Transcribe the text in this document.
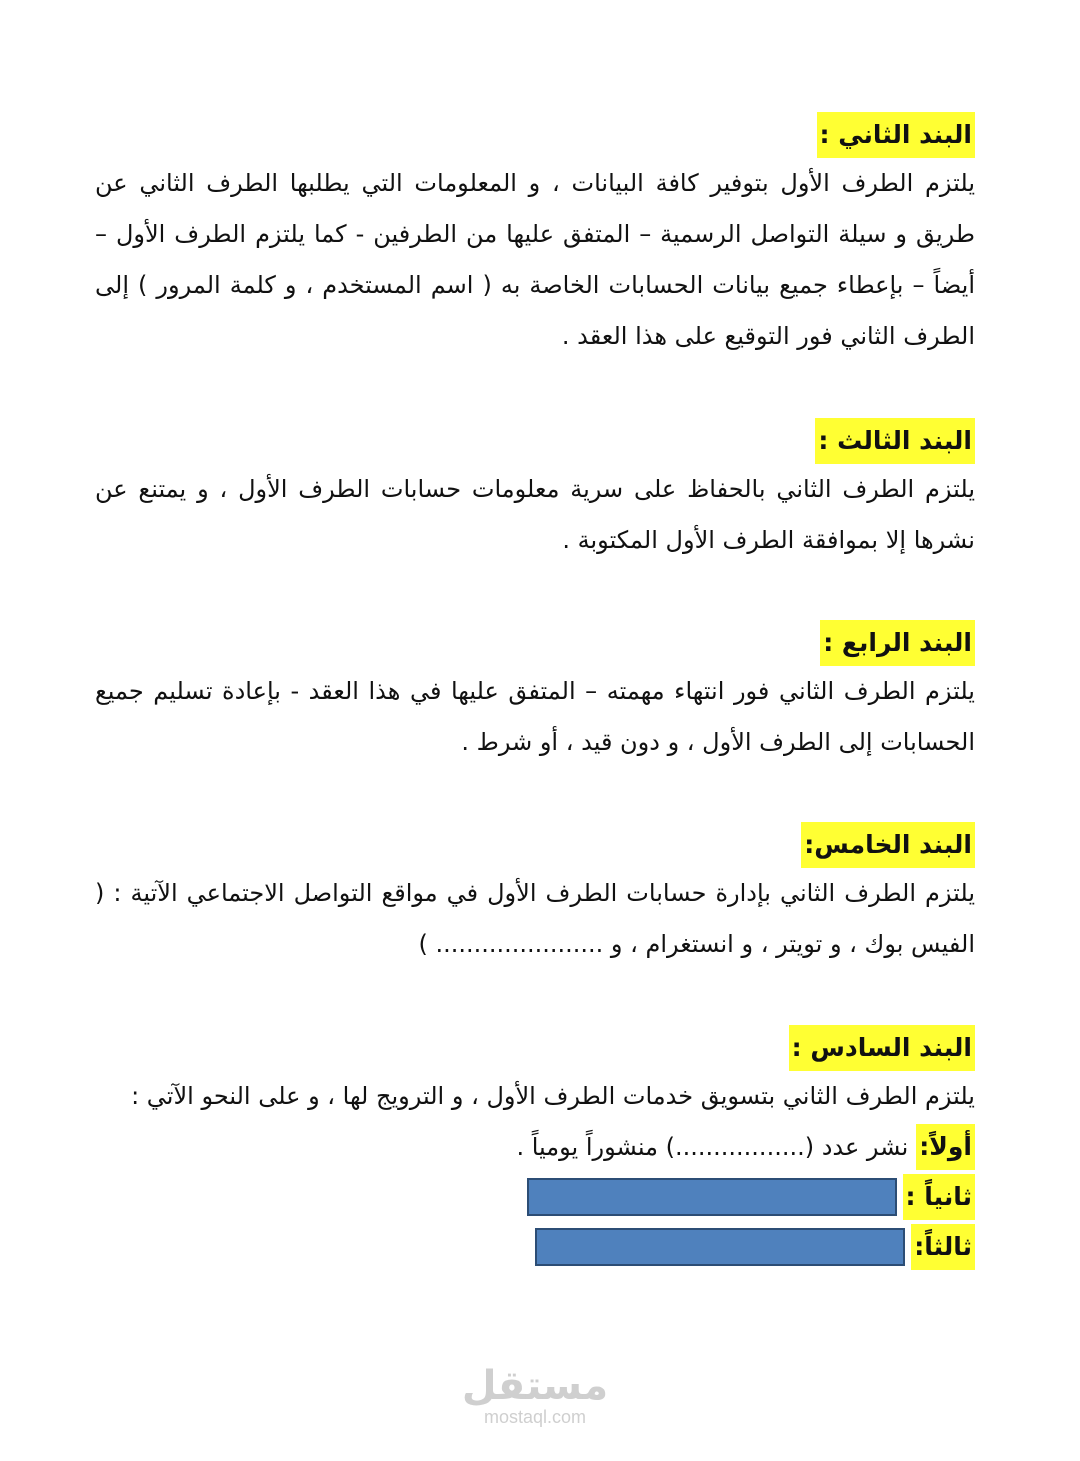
البند الثاني :
يلتزم الطرف الأول بتوفير كافة البيانات ، و المعلومات التي يطلبها الطرف الثاني عن طريق و سيلة التواصل الرسمية – المتفق عليها من الطرفين - كما يلتزم الطرف الأول – أيضاً – بإعطاء جميع بيانات الحسابات الخاصة به ( اسم المستخدم ، و كلمة المرور ) إلى الطرف الثاني فور التوقيع على هذا العقد .
البند الثالث :
يلتزم الطرف الثاني بالحفاظ على سرية معلومات حسابات الطرف الأول ، و يمتنع عن نشرها إلا بموافقة الطرف الأول المكتوبة .
البند الرابع :
يلتزم الطرف الثاني فور انتهاء مهمته – المتفق عليها في هذا العقد - بإعادة تسليم جميع الحسابات إلى الطرف الأول ، و دون قيد ، أو شرط .
البند الخامس:
يلتزم الطرف الثاني بإدارة حسابات الطرف الأول في مواقع التواصل الاجتماعي الآتية : ( الفيس بوك ، و تويتر ، و انستغرام ، و ...................... )
البند السادس :
يلتزم الطرف الثاني بتسويق خدمات الطرف الأول ، و الترويج لها ، و على النحو الآتي :
أولاً:
نشر عدد (.................) منشوراً يومياً .
ثانياً :
ثالثاً:
مستقل
mostaql.com
